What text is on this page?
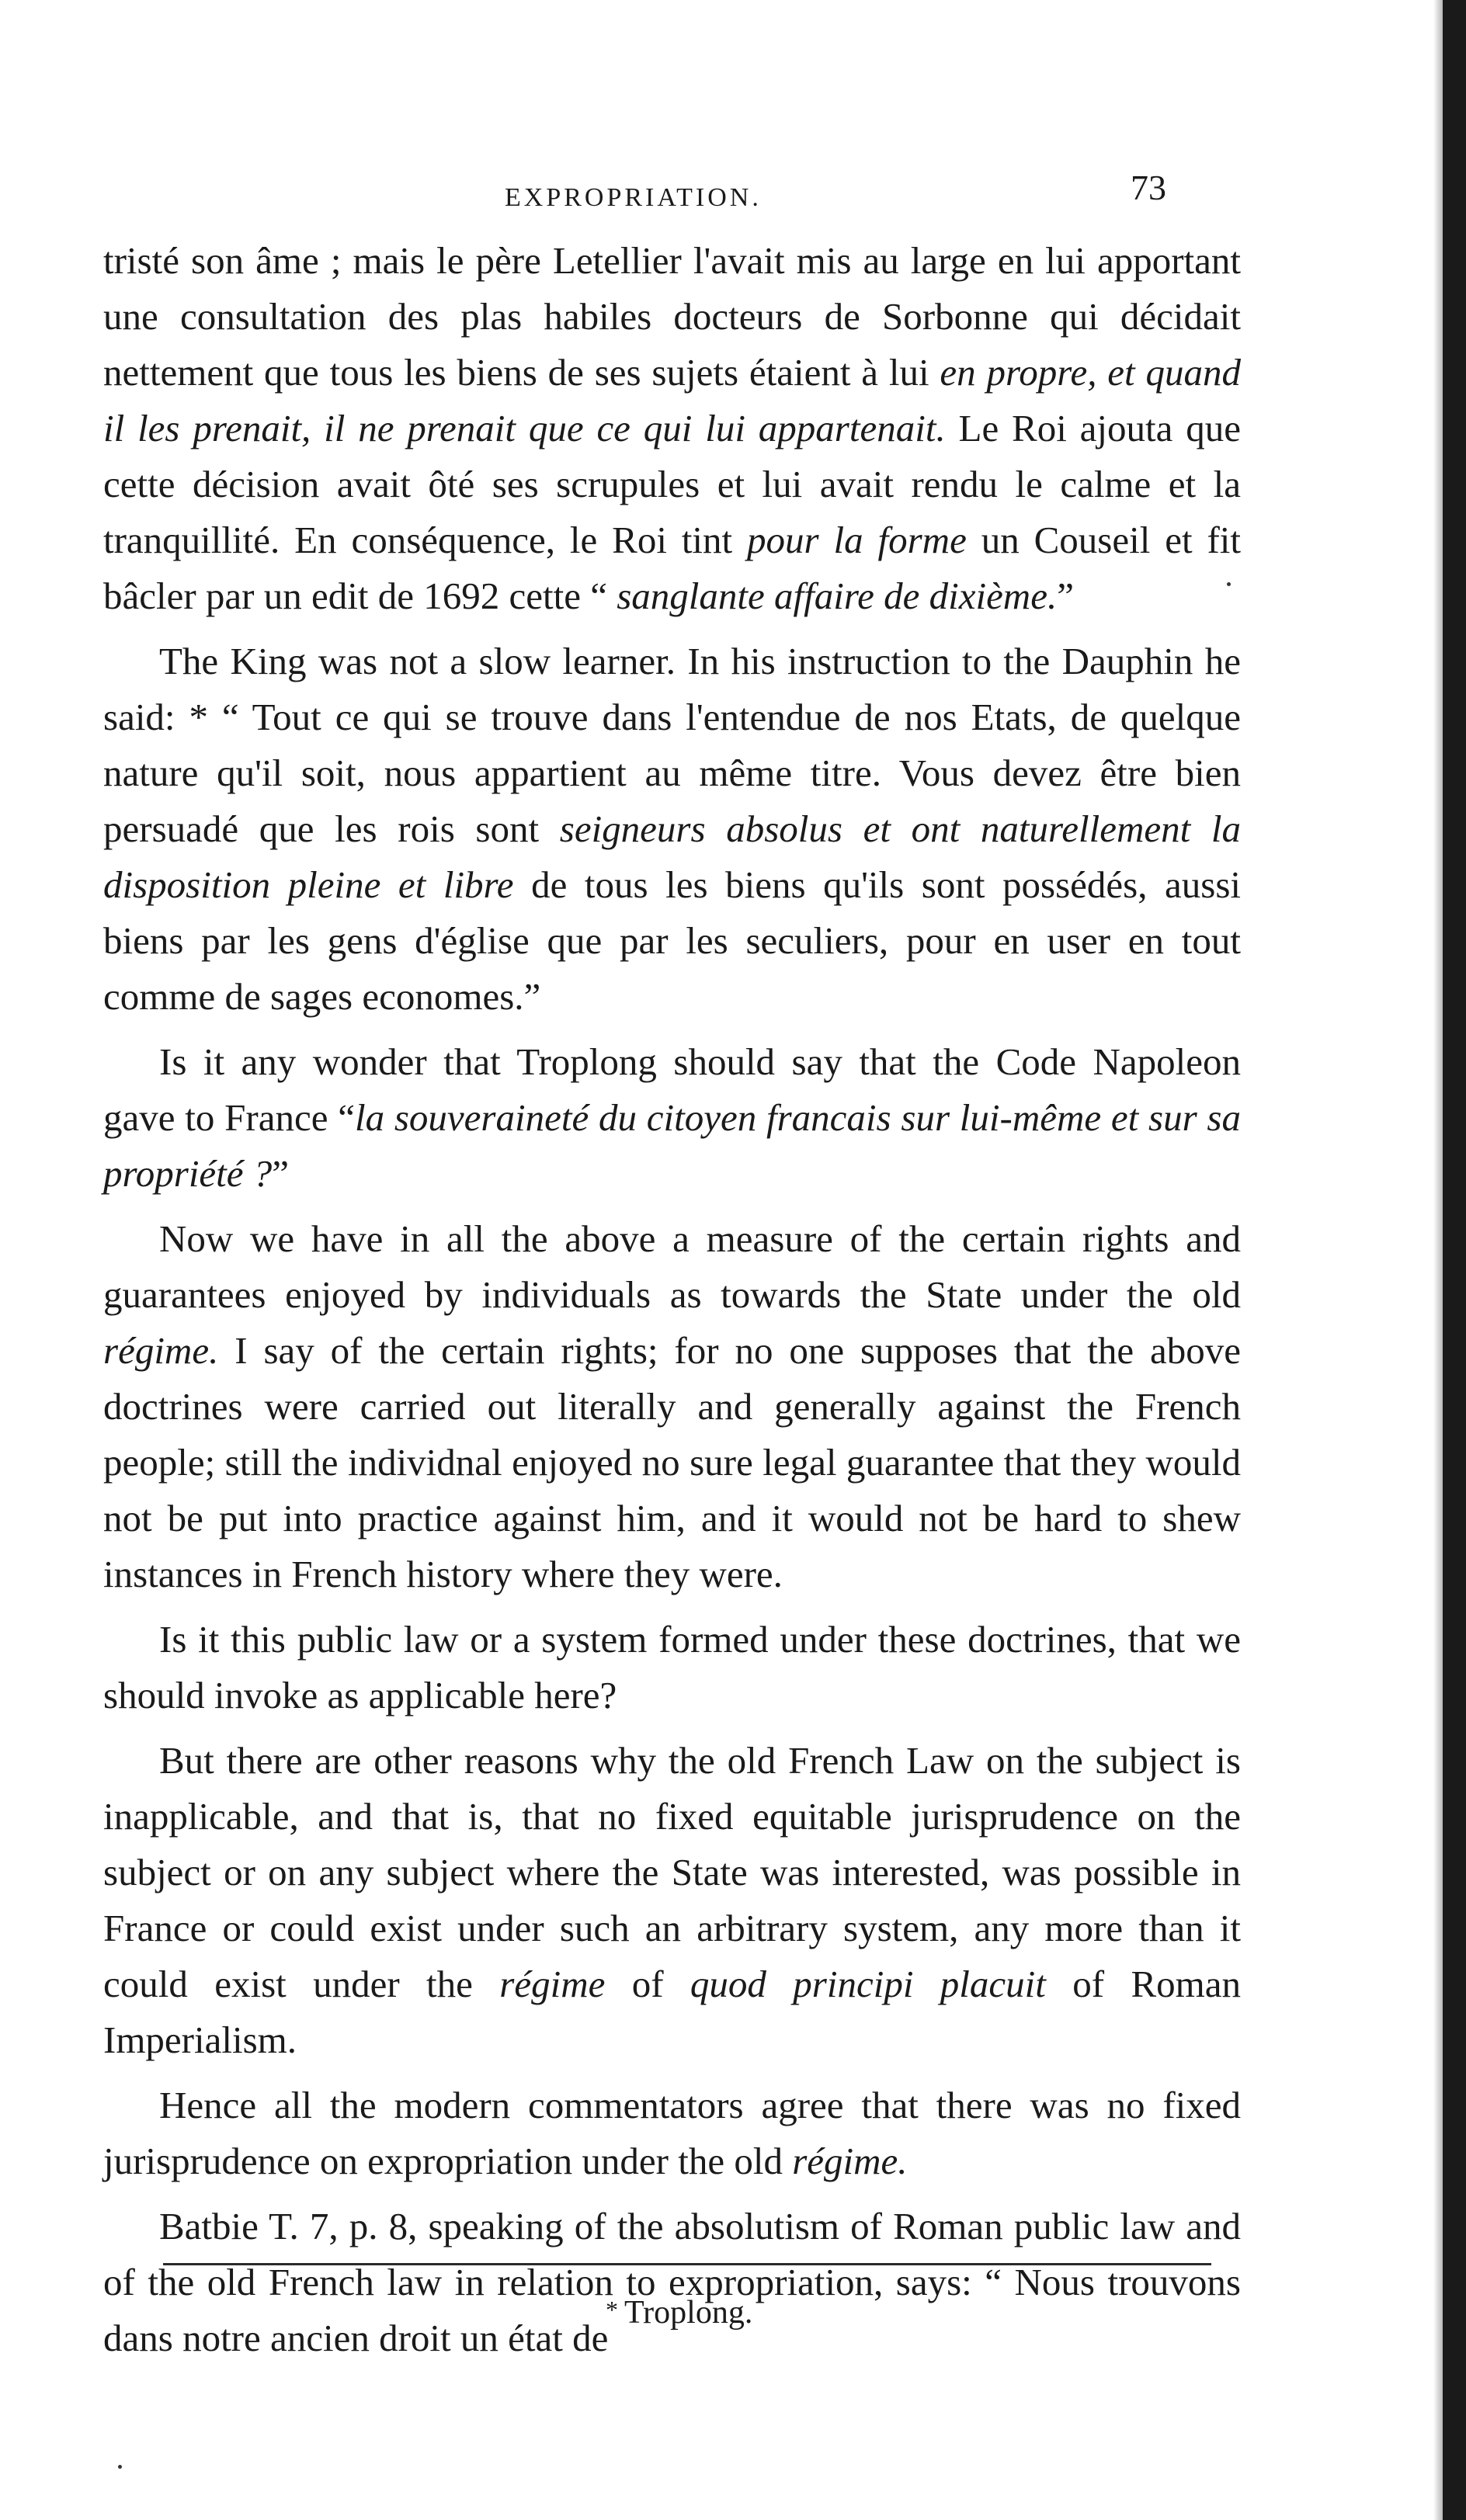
EXPROPRIATION.	73

tristé son âme ; mais le père Letellier l'avait mis au large en lui apportant une consultation des plas habiles docteurs de Sorbonne qui décidait nettement que tous les biens de ses sujets étaient à lui en propre, et quand il les prenait, il ne prenait que ce qui lui appartenait. Le Roi ajouta que cette décision avait ôté ses scrupules et lui avait rendu le calme et la tranquillité. En conséquence, le Roi tint pour la forme un Couseil et fit bâcler par un edit de 1692 cette “ sanglante affaire de dixième.”

The King was not a slow learner. In his instruction to the Dauphin he said: * “ Tout ce qui se trouve dans l'entendue de nos Etats, de quelque nature qu'il soit, nous appartient au même titre. Vous devez être bien persuadé que les rois sont seigneurs absolus et ont naturellement la disposition pleine et libre de tous les biens qu'ils sont possédés, aussi biens par les gens d'église que par les seculiers, pour en user en tout comme de sages economes.”

Is it any wonder that Troplong should say that the Code Napoleon gave to France “la souveraineté du citoyen francais sur lui-même et sur sa propriété ?”

Now we have in all the above a measure of the certain rights and guarantees enjoyed by individuals as towards the State under the old régime. I say of the certain rights; for no one supposes that the above doctrines were carried out literally and generally against the French people; still the individnal enjoyed no sure legal guarantee that they would not be put into practice against him, and it would not be hard to shew instances in French history where they were.

Is it this public law or a system formed under these doctrines, that we should invoke as applicable here?

But there are other reasons why the old French Law on the subject is inapplicable, and that is, that no fixed equitable jurisprudence on the subject or on any subject where the State was interested, was possible in France or could exist under such an arbitrary system, any more than it could exist under the régime of quod principi placuit of Roman Imperialism.

Hence all the modern commentators agree that there was no fixed jurisprudence on expropriation under the old régime.

Batbie T. 7, p. 8, speaking of the absolutism of Roman public law and of the old French law in relation to expropriation, says: “ Nous trouvons dans notre ancien droit un état de

* Troplong.
